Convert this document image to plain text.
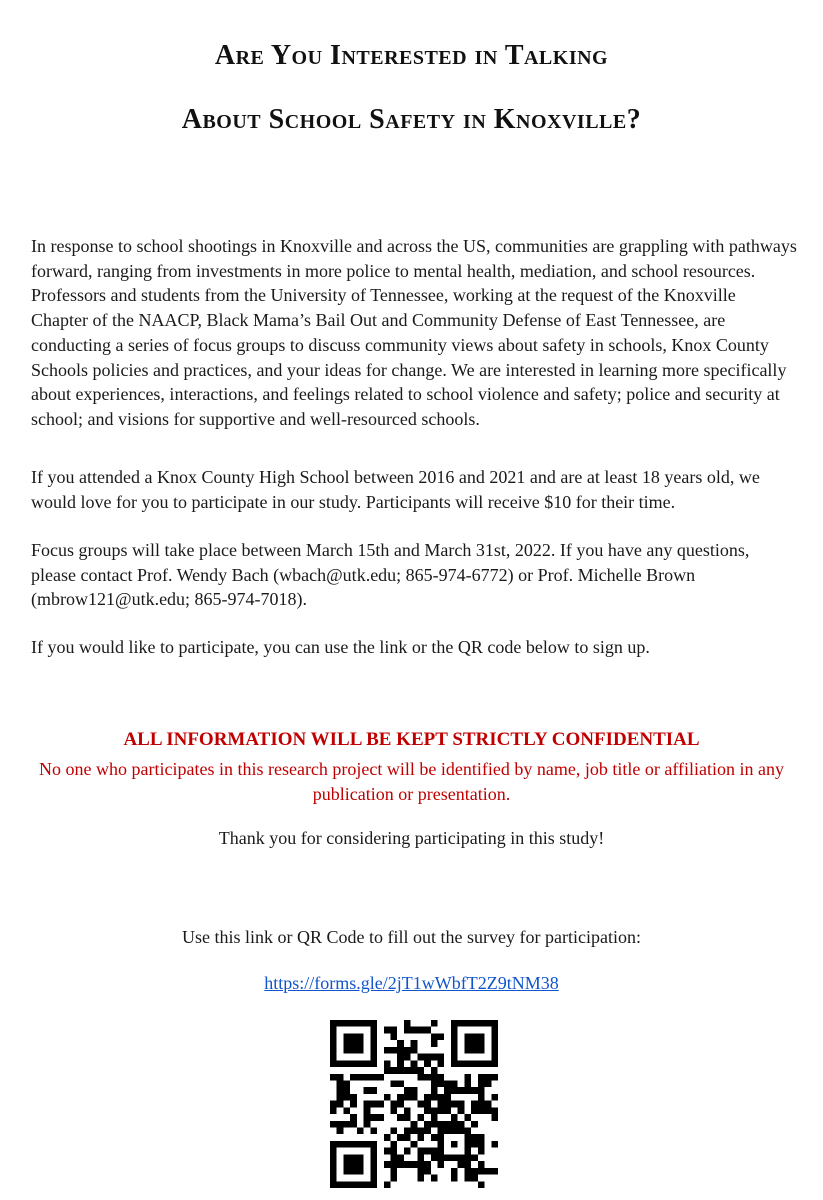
Are You Interested in Talking
About School Safety in Knoxville?

In response to school shootings in Knoxville and across the US, communities are grappling with pathways forward, ranging from investments in more police to mental health, mediation, and school resources. Professors and students from the University of Tennessee, working at the request of the Knoxville Chapter of the NAACP, Black Mama’s Bail Out and Community Defense of East Tennessee, are conducting a series of focus groups to discuss community views about safety in schools, Knox County Schools policies and practices, and your ideas for change. We are interested in learning more specifically about experiences, interactions, and feelings related to school violence and safety; police and security at school; and visions for supportive and well-resourced schools.

If you attended a Knox County High School between 2016 and 2021 and are at least 18 years old, we would love for you to participate in our study. Participants will receive $10 for their time.

Focus groups will take place between March 15th and March 31st, 2022. If you have any questions, please contact Prof. Wendy Bach (wbach@utk.edu; 865-974-6772) or Prof. Michelle Brown (mbrow121@utk.edu; 865-974-7018).

If you would like to participate, you can use the link or the QR code below to sign up.

ALL INFORMATION WILL BE KEPT STRICTLY CONFIDENTIAL

No one who participates in this research project will be identified by name, job title or affiliation in any publication or presentation.

Thank you for considering participating in this study!

Use this link or QR Code to fill out the survey for participation:

https://forms.gle/2jT1wWbfT2Z9tNM38
